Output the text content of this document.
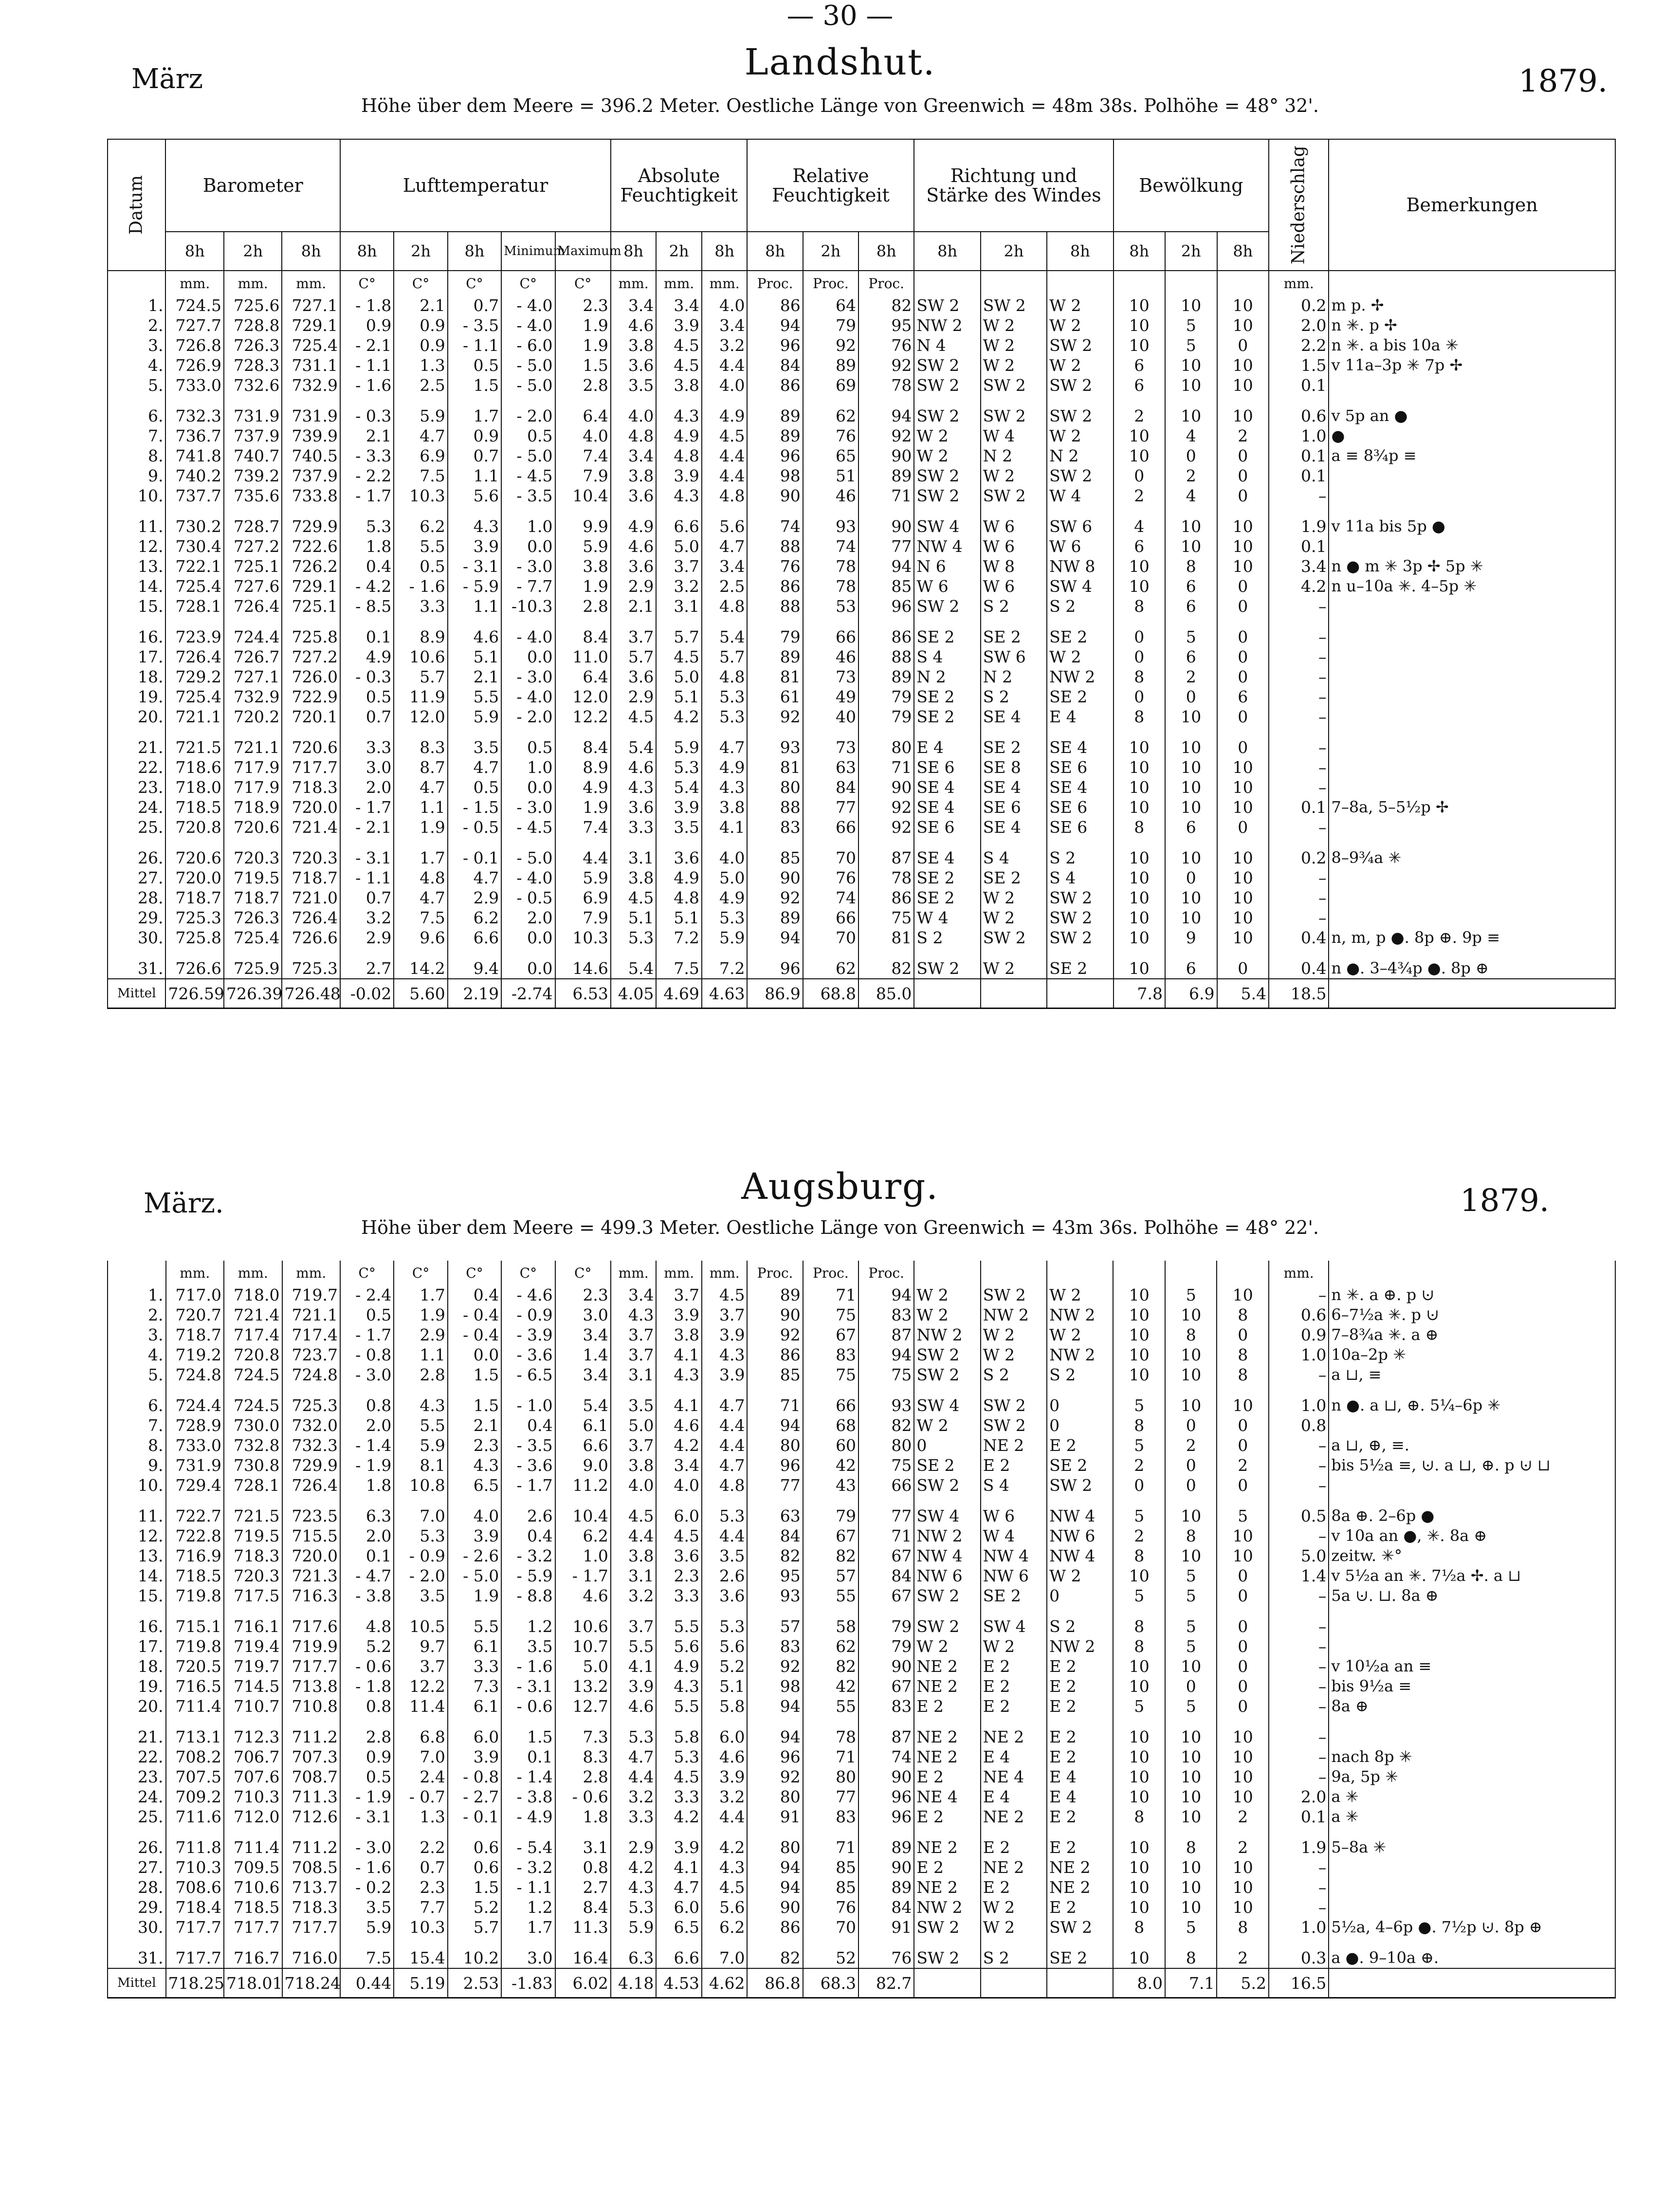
— 30 —
März	Landshut.	1879.
Höhe über dem Meere = 396.2 Meter. Oestliche Länge von Greenwich = 48m 38s. Polhöhe = 48° 32'.
Datum	Barometer			Lufttemperatur					Absolute Feuchtigkeit			Relative Feuchtigkeit			Richtung und Stärke des Windes			Bewölkung			Niederschlag	Bemerkungen
	8h	2h	8h	8h	2h	8h	Minimum	Maximum	8h	2h	8h	8h	2h	8h	8h	2h	8h	8h	2h	8h		
	mm.	mm.	mm.	C°	C°	C°	C°	C°	mm.	mm.	mm.	Proc.	Proc.	Proc.							mm.	
1.	724.5	725.6	727.1	- 1.8	2.1	0.7	- 4.0	2.3	3.4	3.4	4.0	86	64	82	SW 2	SW 2	W 2	10	10	10	0.2	m p. ✢
2.	727.7	728.8	729.1	0.9	0.9	- 3.5	- 4.0	1.9	4.6	3.9	3.4	94	79	95	NW 2	W 2	W 2	10	5	10	2.0	n ✳. p ✢
3.	726.8	726.3	725.4	- 2.1	0.9	- 1.1	- 6.0	1.9	3.8	4.5	3.2	96	92	76	N 4	W 2	SW 2	10	5	0	2.2	n ✳. a bis 10a ✳
4.	726.9	728.3	731.1	- 1.1	1.3	0.5	- 5.0	1.5	3.6	4.5	4.4	84	89	92	SW 2	W 2	W 2	6	10	10	1.5	v 11a–3p ✳ 7p ✢
5.	733.0	732.6	732.9	- 1.6	2.5	1.5	- 5.0	2.8	3.5	3.8	4.0	86	69	78	SW 2	SW 2	SW 2	6	10	10	0.1	

6.	732.3	731.9	731.9	- 0.3	5.9	1.7	- 2.0	6.4	4.0	4.3	4.9	89	62	94	SW 2	SW 2	SW 2	2	10	10	0.6	v 5p an ●
7.	736.7	737.9	739.9	2.1	4.7	0.9	0.5	4.0	4.8	4.9	4.5	89	76	92	W 2	W 4	W 2	10	4	2	1.0	●
8.	741.8	740.7	740.5	- 3.3	6.9	0.7	- 5.0	7.4	3.4	4.8	4.4	96	65	90	W 2	N 2	N 2	10	0	0	0.1	a ≡ 8¾p ≡
9.	740.2	739.2	737.9	- 2.2	7.5	1.1	- 4.5	7.9	3.8	3.9	4.4	98	51	89	SW 2	W 2	SW 2	0	2	0	0.1	
10.	737.7	735.6	733.8	- 1.7	10.3	5.6	- 3.5	10.4	3.6	4.3	4.8	90	46	71	SW 2	SW 2	W 4	2	4	0	–	

11.	730.2	728.7	729.9	5.3	6.2	4.3	1.0	9.9	4.9	6.6	5.6	74	93	90	SW 4	W 6	SW 6	4	10	10	1.9	v 11a bis 5p ●
12.	730.4	727.2	722.6	1.8	5.5	3.9	0.0	5.9	4.6	5.0	4.7	88	74	77	NW 4	W 6	W 6	6	10	10	0.1	
13.	722.1	725.1	726.2	0.4	0.5	- 3.1	- 3.0	3.8	3.6	3.7	3.4	76	78	94	N 6	W 8	NW 8	10	8	10	3.4	n ● m ✳ 3p ✢ 5p ✳
14.	725.4	727.6	729.1	- 4.2	- 1.6	- 5.9	- 7.7	1.9	2.9	3.2	2.5	86	78	85	W 6	W 6	SW 4	10	6	0	4.2	n u–10a ✳. 4–5p ✳
15.	728.1	726.4	725.1	- 8.5	3.3	1.1	-10.3	2.8	2.1	3.1	4.8	88	53	96	SW 2	S 2	S 2	8	6	0	–	

16.	723.9	724.4	725.8	0.1	8.9	4.6	- 4.0	8.4	3.7	5.7	5.4	79	66	86	SE 2	SE 2	SE 2	0	5	0	–	
17.	726.4	726.7	727.2	4.9	10.6	5.1	0.0	11.0	5.7	4.5	5.7	89	46	88	S 4	SW 6	W 2	0	6	0	–	
18.	729.2	727.1	726.0	- 0.3	5.7	2.1	- 3.0	6.4	3.6	5.0	4.8	81	73	89	N 2	N 2	NW 2	8	2	0	–	
19.	725.4	732.9	722.9	0.5	11.9	5.5	- 4.0	12.0	2.9	5.1	5.3	61	49	79	SE 2	S 2	SE 2	0	0	6	–	
20.	721.1	720.2	720.1	0.7	12.0	5.9	- 2.0	12.2	4.5	4.2	5.3	92	40	79	SE 2	SE 4	E 4	8	10	0	–	

21.	721.5	721.1	720.6	3.3	8.3	3.5	0.5	8.4	5.4	5.9	4.7	93	73	80	E 4	SE 2	SE 4	10	10	0	–	
22.	718.6	717.9	717.7	3.0	8.7	4.7	1.0	8.9	4.6	5.3	4.9	81	63	71	SE 6	SE 8	SE 6	10	10	10	–	
23.	718.0	717.9	718.3	2.0	4.7	0.5	0.0	4.9	4.3	5.4	4.3	80	84	90	SE 4	SE 4	SE 4	10	10	10	–	
24.	718.5	718.9	720.0	- 1.7	1.1	- 1.5	- 3.0	1.9	3.6	3.9	3.8	88	77	92	SE 4	SE 6	SE 6	10	10	10	0.1	7–8a, 5–5½p ✢
25.	720.8	720.6	721.4	- 2.1	1.9	- 0.5	- 4.5	7.4	3.3	3.5	4.1	83	66	92	SE 6	SE 4	SE 6	8	6	0	–	

26.	720.6	720.3	720.3	- 3.1	1.7	- 0.1	- 5.0	4.4	3.1	3.6	4.0	85	70	87	SE 4	S 4	S 2	10	10	10	0.2	8–9¾a ✳
27.	720.0	719.5	718.7	- 1.1	4.8	4.7	- 4.0	5.9	3.8	4.9	5.0	90	76	78	SE 2	SE 2	S 4	10	0	10	–	
28.	718.7	718.7	721.0	0.7	4.7	2.9	- 0.5	6.9	4.5	4.8	4.9	92	74	86	SE 2	W 2	SW 2	10	10	10	–	
29.	725.3	726.3	726.4	3.2	7.5	6.2	2.0	7.9	5.1	5.1	5.3	89	66	75	W 4	W 2	SW 2	10	10	10	–	
30.	725.8	725.4	726.6	2.9	9.6	6.6	0.0	10.3	5.3	7.2	5.9	94	70	81	S 2	SW 2	SW 2	10	9	10	0.4	n, m, p ●. 8p ⊕. 9p ≡

31.	726.6	725.9	725.3	2.7	14.2	9.4	0.0	14.6	5.4	7.5	7.2	96	62	82	SW 2	W 2	SE 2	10	6	0	0.4	n ●. 3–4¾p ●. 8p ⊕
Mittel	726.59	726.39	726.48	-0.02	5.60	2.19	-2.74	6.53	4.05	4.69	4.63	86.9	68.8	85.0				7.8	6.9	5.4	18.5	
März.	Augsburg.	1879.
Höhe über dem Meere = 499.3 Meter. Oestliche Länge von Greenwich = 43m 36s. Polhöhe = 48° 22'.
	mm.	mm.	mm.	C°	C°	C°	C°	C°	mm.	mm.	mm.	Proc.	Proc.	Proc.							mm.	
1.	717.0	718.0	719.7	- 2.4	1.7	0.4	- 4.6	2.3	3.4	3.7	4.5	89	71	94	W 2	SW 2	W 2	10	5	10	–	n ✳. a ⊕. p ⊍
2.	720.7	721.4	721.1	0.5	1.9	- 0.4	- 0.9	3.0	4.3	3.9	3.7	90	75	83	W 2	NW 2	NW 2	10	10	8	0.6	6–7½a ✳. p ⊍
3.	718.7	717.4	717.4	- 1.7	2.9	- 0.4	- 3.9	3.4	3.7	3.8	3.9	92	67	87	NW 2	W 2	W 2	10	8	0	0.9	7–8¾a ✳. a ⊕
4.	719.2	720.8	723.7	- 0.8	1.1	0.0	- 3.6	1.4	3.7	4.1	4.3	86	83	94	SW 2	W 2	NW 2	10	10	8	1.0	10a–2p ✳
5.	724.8	724.5	724.8	- 3.0	2.8	1.5	- 6.5	3.4	3.1	4.3	3.9	85	75	75	SW 2	S 2	S 2	10	10	8	–	a ⊔, ≡

6.	724.4	724.5	725.3	0.8	4.3	1.5	- 1.0	5.4	3.5	4.1	4.7	71	66	93	SW 4	SW 2	0	5	10	10	1.0	n ●. a ⊔, ⊕. 5¼–6p ✳
7.	728.9	730.0	732.0	2.0	5.5	2.1	0.4	6.1	5.0	4.6	4.4	94	68	82	W 2	SW 2	0	8	0	0	0.8	
8.	733.0	732.8	732.3	- 1.4	5.9	2.3	- 3.5	6.6	3.7	4.2	4.4	80	60	80	0	NE 2	E 2	5	2	0	–	a ⊔, ⊕, ≡.
9.	731.9	730.8	729.9	- 1.9	8.1	4.3	- 3.6	9.0	3.8	3.4	4.7	96	42	75	SE 2	E 2	SE 2	2	0	2	–	bis 5½a ≡, ⊍. a ⊔, ⊕. p ⊍ ⊔
10.	729.4	728.1	726.4	1.8	10.8	6.5	- 1.7	11.2	4.0	4.0	4.8	77	43	66	SW 2	S 4	SW 2	0	0	0	–	

11.	722.7	721.5	723.5	6.3	7.0	4.0	2.6	10.4	4.5	6.0	5.3	63	79	77	SW 4	W 6	NW 4	5	10	5	0.5	8a ⊕. 2–6p ●
12.	722.8	719.5	715.5	2.0	5.3	3.9	0.4	6.2	4.4	4.5	4.4	84	67	71	NW 2	W 4	NW 6	2	8	10	–	v 10a an ●, ✳. 8a ⊕
13.	716.9	718.3	720.0	0.1	- 0.9	- 2.6	- 3.2	1.0	3.8	3.6	3.5	82	82	67	NW 4	NW 4	NW 4	8	10	10	5.0	zeitw. ✳°
14.	718.5	720.3	721.3	- 4.7	- 2.0	- 5.0	- 5.9	- 1.7	3.1	2.3	2.6	95	57	84	NW 6	NW 6	W 2	10	5	0	1.4	v 5½a an ✳. 7½a ✢. a ⊔
15.	719.8	717.5	716.3	- 3.8	3.5	1.9	- 8.8	4.6	3.2	3.3	3.6	93	55	67	SW 2	SE 2	0	5	5	0	–	5a ⊍. ⊔. 8a ⊕

16.	715.1	716.1	717.6	4.8	10.5	5.5	1.2	10.6	3.7	5.5	5.3	57	58	79	SW 2	SW 4	S 2	8	5	0	–	
17.	719.8	719.4	719.9	5.2	9.7	6.1	3.5	10.7	5.5	5.6	5.6	83	62	79	W 2	W 2	NW 2	8	5	0	–	
18.	720.5	719.7	717.7	- 0.6	3.7	3.3	- 1.6	5.0	4.1	4.9	5.2	92	82	90	NE 2	E 2	E 2	10	10	0	–	v 10½a an ≡
19.	716.5	714.5	713.8	- 1.8	12.2	7.3	- 3.1	13.2	3.9	4.3	5.1	98	42	67	NE 2	E 2	E 2	10	0	0	–	bis 9½a ≡
20.	711.4	710.7	710.8	0.8	11.4	6.1	- 0.6	12.7	4.6	5.5	5.8	94	55	83	E 2	E 2	E 2	5	5	0	–	8a ⊕

21.	713.1	712.3	711.2	2.8	6.8	6.0	1.5	7.3	5.3	5.8	6.0	94	78	87	NE 2	NE 2	E 2	10	10	10	–	
22.	708.2	706.7	707.3	0.9	7.0	3.9	0.1	8.3	4.7	5.3	4.6	96	71	74	NE 2	E 4	E 2	10	10	10	–	nach 8p ✳
23.	707.5	707.6	708.7	0.5	2.4	- 0.8	- 1.4	2.8	4.4	4.5	3.9	92	80	90	E 2	NE 4	E 4	10	10	10	–	9a, 5p ✳
24.	709.2	710.3	711.3	- 1.9	- 0.7	- 2.7	- 3.8	- 0.6	3.2	3.3	3.2	80	77	96	NE 4	E 4	E 4	10	10	10	2.0	a ✳
25.	711.6	712.0	712.6	- 3.1	1.3	- 0.1	- 4.9	1.8	3.3	4.2	4.4	91	83	96	E 2	NE 2	E 2	8	10	2	0.1	a ✳

26.	711.8	711.4	711.2	- 3.0	2.2	0.6	- 5.4	3.1	2.9	3.9	4.2	80	71	89	NE 2	E 2	E 2	10	8	2	1.9	5–8a ✳
27.	710.3	709.5	708.5	- 1.6	0.7	0.6	- 3.2	0.8	4.2	4.1	4.3	94	85	90	E 2	NE 2	NE 2	10	10	10	–	
28.	708.6	710.6	713.7	- 0.2	2.3	1.5	- 1.1	2.7	4.3	4.7	4.5	94	85	89	NE 2	E 2	NE 2	10	10	10	–	
29.	718.4	718.5	718.3	3.5	7.7	5.2	1.2	8.4	5.3	6.0	5.6	90	76	84	NW 2	W 2	E 2	10	10	10	–	
30.	717.7	717.7	717.7	5.9	10.3	5.7	1.7	11.3	5.9	6.5	6.2	86	70	91	SW 2	W 2	SW 2	8	5	8	1.0	5½a, 4–6p ●. 7½p ⊍. 8p ⊕

31.	717.7	716.7	716.0	7.5	15.4	10.2	3.0	16.4	6.3	6.6	7.0	82	52	76	SW 2	S 2	SE 2	10	8	2	0.3	a ●. 9–10a ⊕.
Mittel	718.25	718.01	718.24	0.44	5.19	2.53	-1.83	6.02	4.18	4.53	4.62	86.8	68.3	82.7				8.0	7.1	5.2	16.5	
